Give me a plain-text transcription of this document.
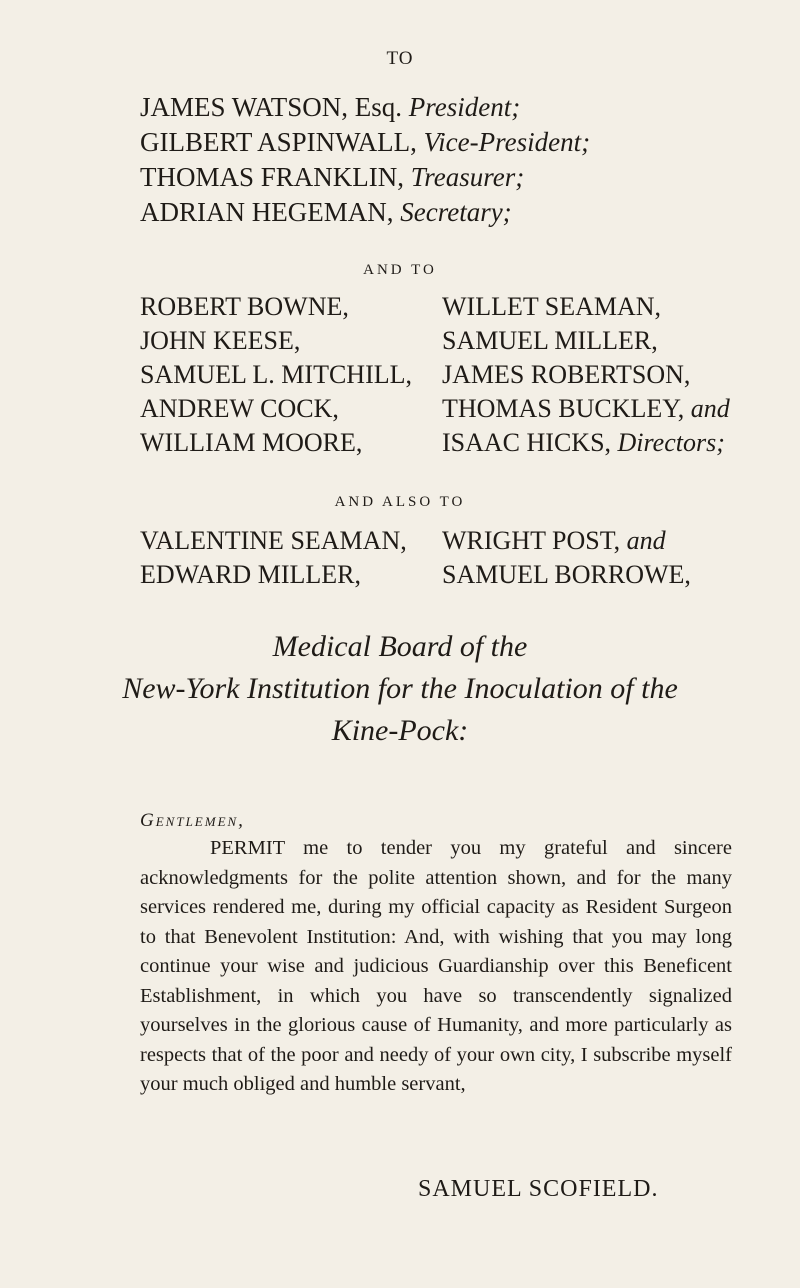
TO
JAMES WATSON, Esq. President;
GILBERT ASPINWALL, Vice-President;
THOMAS FRANKLIN, Treasurer;
ADRIAN HEGEMAN, Secretary;
AND TO
ROBERT BOWNE,
JOHN KEESE,
SAMUEL L. MITCHILL,
ANDREW COCK,
WILLIAM MOORE,
WILLET SEAMAN,
SAMUEL MILLER,
JAMES ROBERTSON,
THOMAS BUCKLEY, and
ISAAC HICKS, Directors;
AND ALSO TO
VALENTINE SEAMAN,
EDWARD MILLER,
WRIGHT POST, and
SAMUEL BORROWE,
Medical Board of the
New-York Institution for the Inoculation of the
Kine-Pock:
Gentlemen,
PERMIT me to tender you my grateful and sincere acknowledgments for the polite attention shown, and for the many services rendered me, during my official capacity as Resident Surgeon to that Benevolent Institution: And, with wishing that you may long continue your wise and judicious Guardianship over this Beneficent Establishment, in which you have so transcendently signalized yourselves in the glorious cause of Humanity, and more particularly as respects that of the poor and needy of your own city, I subscribe myself your much obliged and humble servant,
SAMUEL SCOFIELD.
